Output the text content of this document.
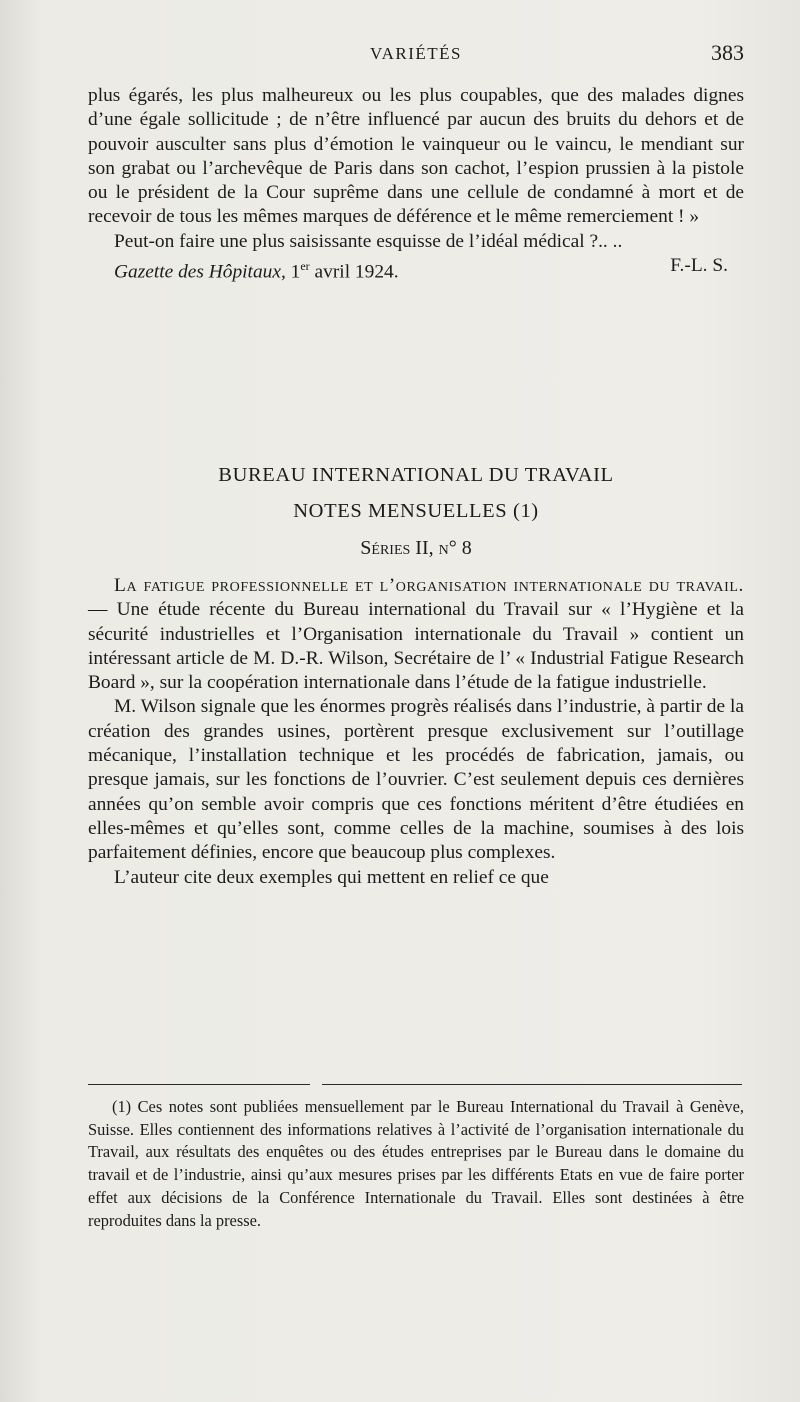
VARIÉTÉS	383

plus égarés, les plus malheureux ou les plus coupables, que des malades dignes d’une égale sollicitude ; de n’être influencé par aucun des bruits du dehors et de pouvoir ausculter sans plus d’émotion le vainqueur ou le vaincu, le mendiant sur son grabat ou l’archevêque de Paris dans son cachot, l’espion prussien à la pistole ou le président de la Cour suprême dans une cellule de condamné à mort et de recevoir de tous les mêmes marques de déférence et le même remerciement ! »

Peut-on faire une plus saisissante esquisse de l’idéal médical ?.. ..

F.-L. S.

Gazette des Hôpitaux, 1er avril 1924.

BUREAU INTERNATIONAL DU TRAVAIL
NOTES MENSUELLES (1)
Séries II, n° 8

La fatigue professionnelle et l’organisation internationale du travail. — Une étude récente du Bureau international du Travail sur « l’Hygiène et la sécurité industrielles et l’Organisation internationale du Travail » contient un intéressant article de M. D.-R. Wilson, Secrétaire de l’ « Industrial Fatigue Research Board », sur la coopération internationale dans l’étude de la fatigue industrielle.

M. Wilson signale que les énormes progrès réalisés dans l’industrie, à partir de la création des grandes usines, portèrent presque exclusivement sur l’outillage mécanique, l’installation technique et les procédés de fabrication, jamais, ou presque jamais, sur les fonctions de l’ouvrier. C’est seulement depuis ces dernières années qu’on semble avoir compris que ces fonctions méritent d’être étudiées en elles-mêmes et qu’elles sont, comme celles de la machine, soumises à des lois parfaitement définies, encore que beaucoup plus complexes.

L’auteur cite deux exemples qui mettent en relief ce que

(1) Ces notes sont publiées mensuellement par le Bureau International du Travail à Genève, Suisse. Elles contiennent des informations relatives à l’activité de l’organisation internationale du Travail, aux résultats des enquêtes ou des études entreprises par le Bureau dans le domaine du travail et de l’industrie, ainsi qu’aux mesures prises par les différents Etats en vue de faire porter effet aux décisions de la Conférence Internationale du Travail. Elles sont destinées à être reproduites dans la presse.
